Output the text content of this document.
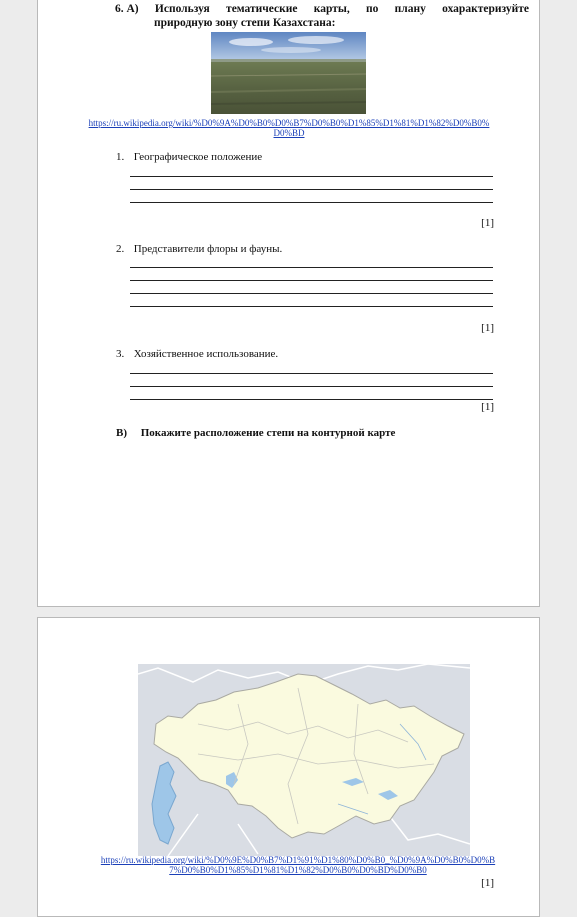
6. А) Используя тематические карты, по плану охарактеризуйте
природную зону степи Казахстана:
https://ru.wikipedia.org/wiki/%D0%9A%D0%B0%D0%B7%D0%B0%D1%85%D1%81%D1%82%D0%B0%D0%BD
1. Географическое положение
[1]
2. Представители флоры и фауны.
[1]
3. Хозяйственное использование.
[1]
В) Покажите расположение степи на контурной карте
https://ru.wikipedia.org/wiki/%D0%9E%D0%B7%D1%91%D1%80%D0%B0_%D0%9A%D0%B0%D0%B7%D0%B0%D1%85%D1%81%D1%82%D0%B0%D0%BD%D0%B0
[1]
